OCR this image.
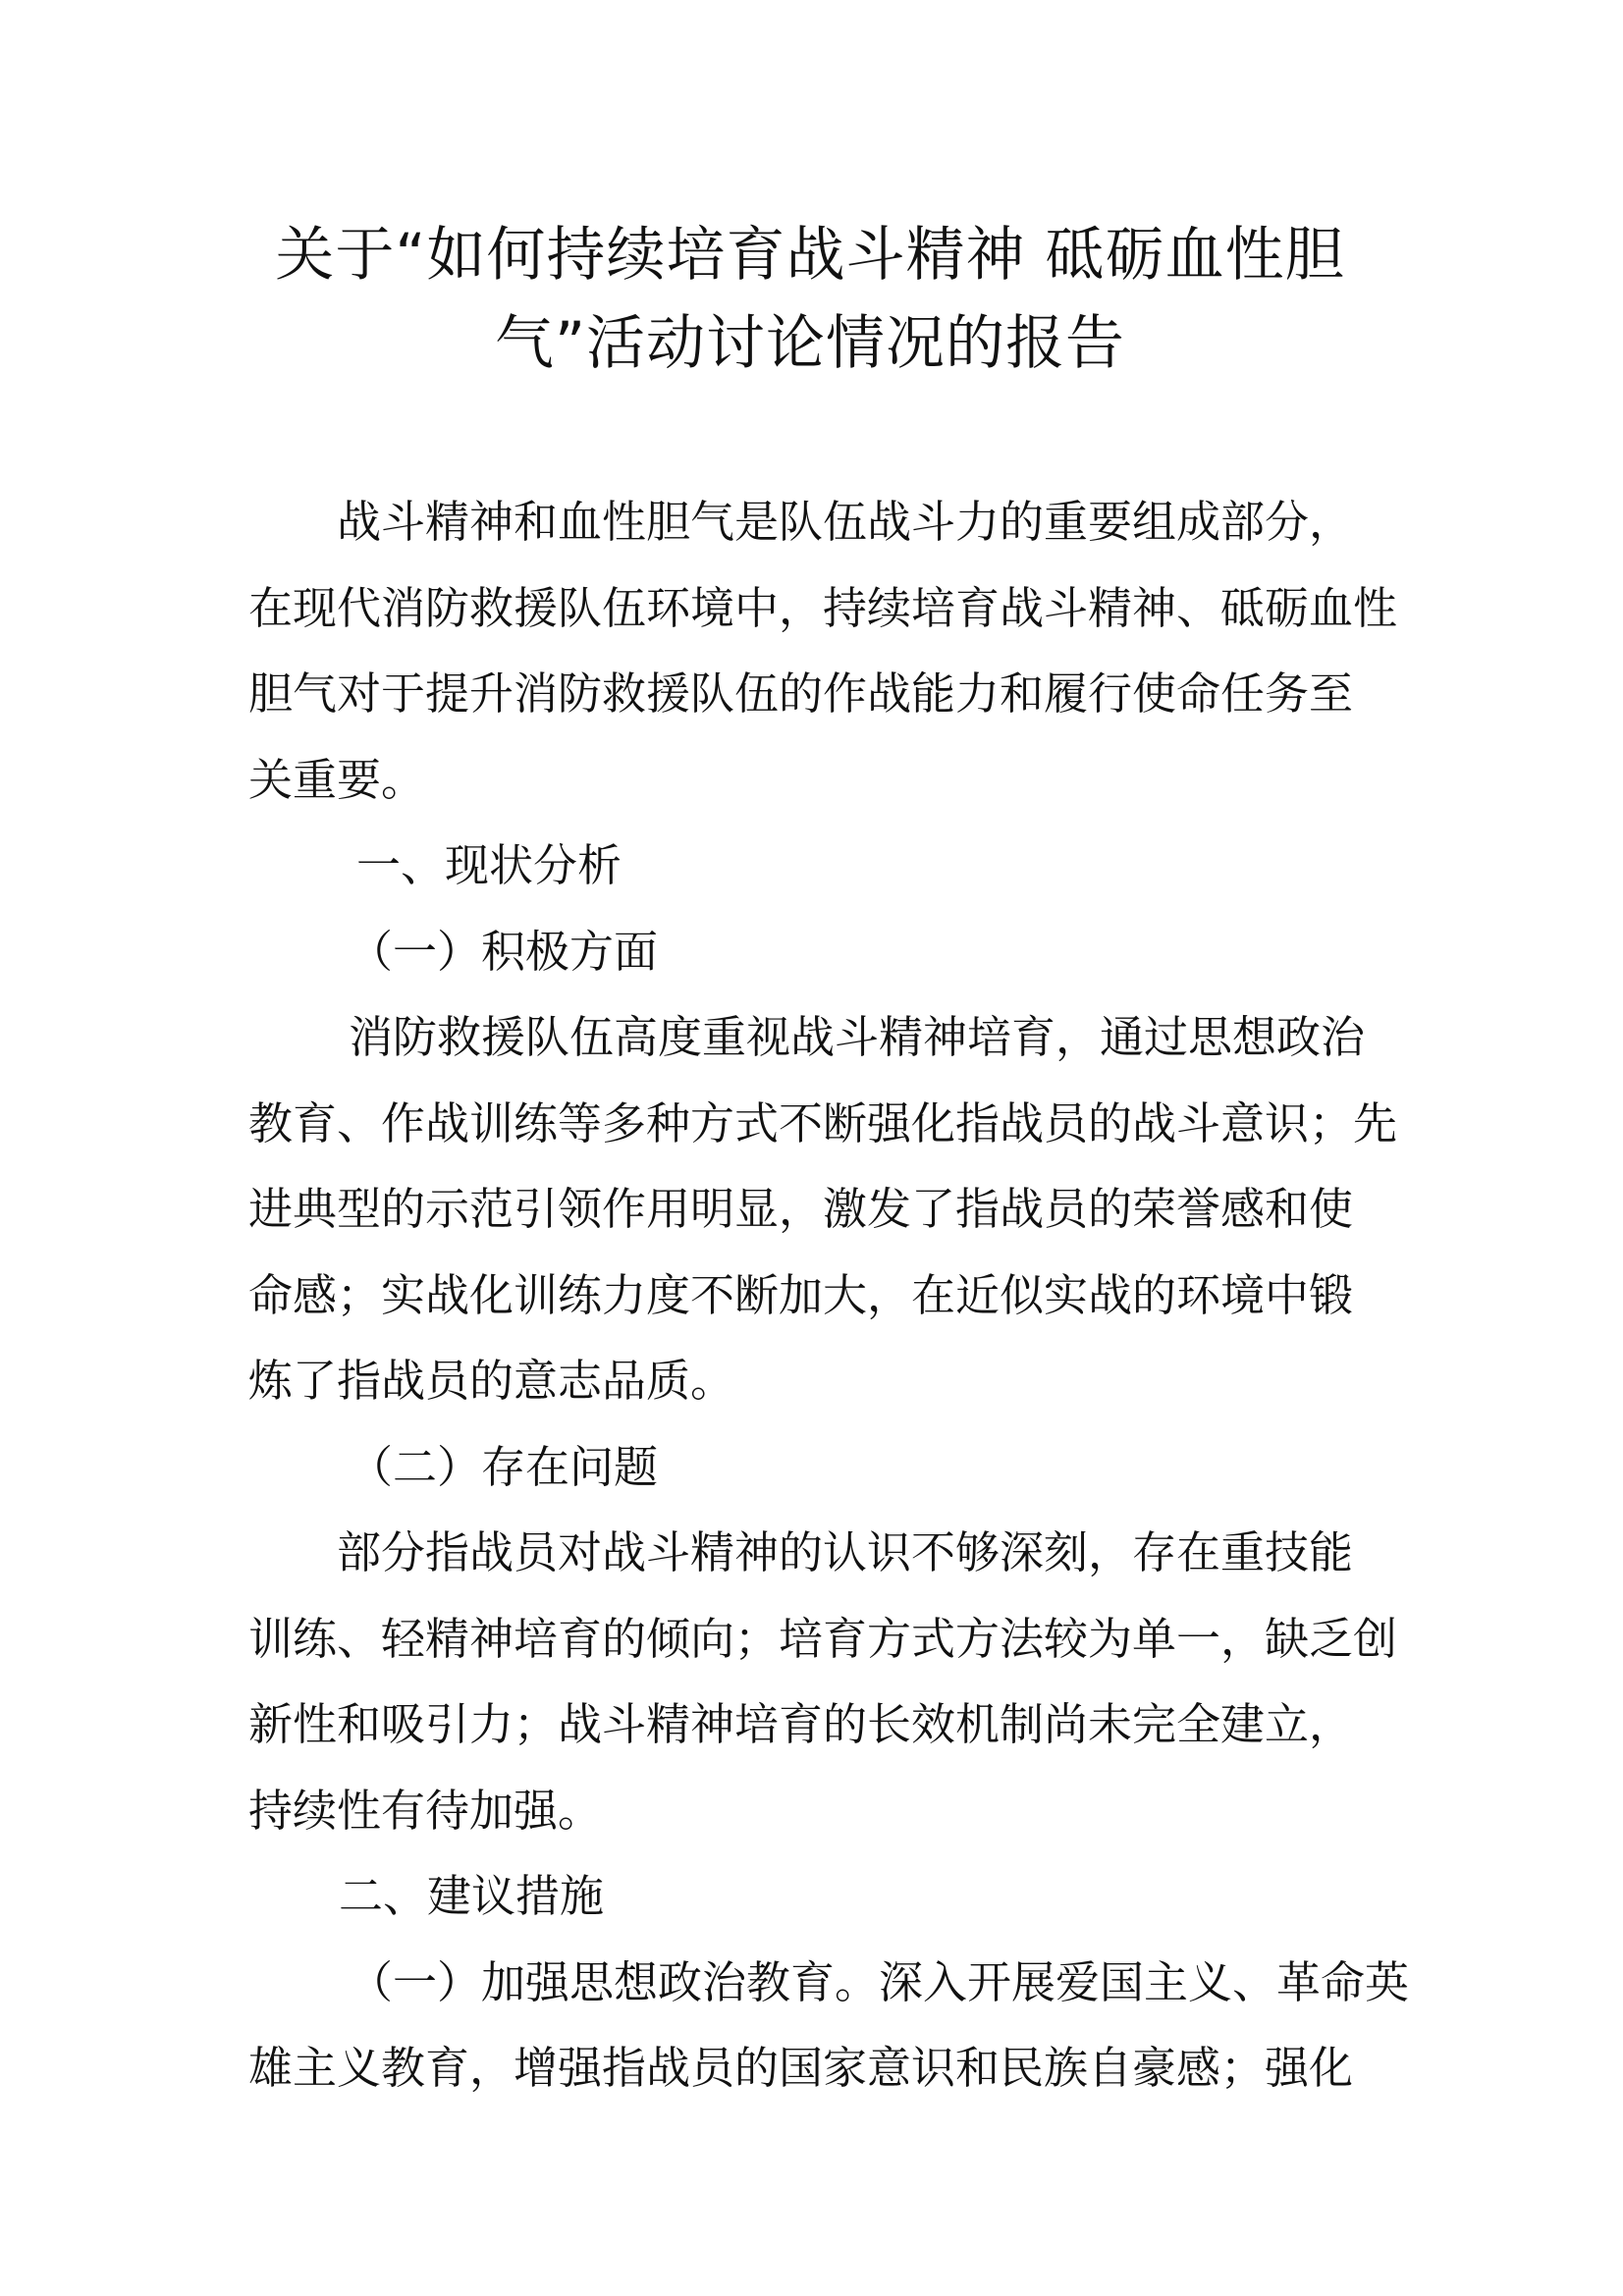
关于“如何持续培育战斗精神 砥砺血性胆
气”活动讨论情况的报告
战斗精神和血性胆气是队伍战斗力的重要组成部分，
在现代消防救援队伍环境中，持续培育战斗精神、砥砺血性
胆气对于提升消防救援队伍的作战能力和履行使命任务至
关重要。
一、现状分析
（一）积极方面
消防救援队伍高度重视战斗精神培育，通过思想政治
教育、作战训练等多种方式不断强化指战员的战斗意识；先
进典型的示范引领作用明显，激发了指战员的荣誉感和使
命感；实战化训练力度不断加大，在近似实战的环境中锻
炼了指战员的意志品质。
（二）存在问题
部分指战员对战斗精神的认识不够深刻，存在重技能
训练、轻精神培育的倾向；培育方式方法较为单一，缺乏创
新性和吸引力；战斗精神培育的长效机制尚未完全建立，
持续性有待加强。
二、建议措施
（一）加强思想政治教育。深入开展爱国主义、革命英
雄主义教育，增强指战员的国家意识和民族自豪感；强化
